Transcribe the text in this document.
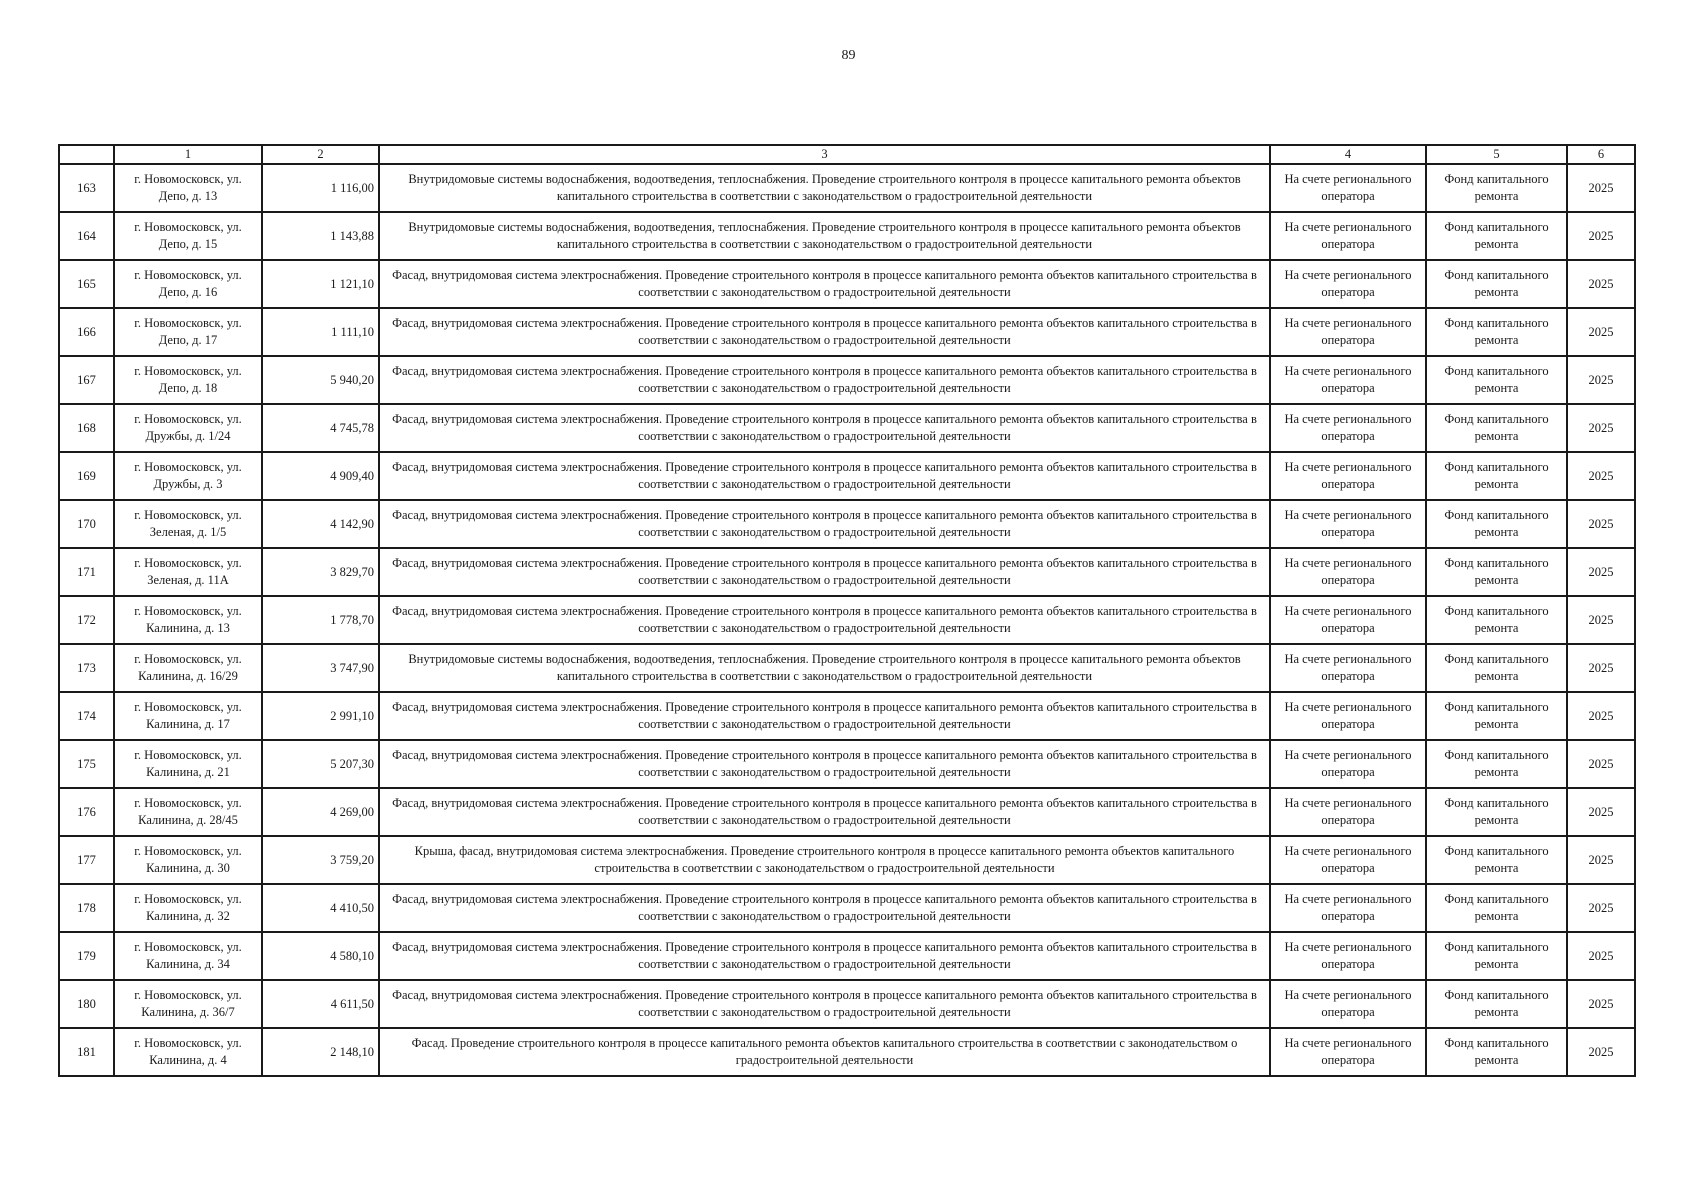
89
	1	2	3	4	5	6
163	г. Новомосковск, ул. Депо, д. 13	1 116,00	Внутридомовые системы водоснабжения, водоотведения, теплоснабжения. Проведение строительного контроля в процессе капитального ремонта объектов капитального строительства в соответствии с законодательством о градостроительной деятельности	На счете регионального оператора	Фонд капитального ремонта	2025
164	г. Новомосковск, ул. Депо, д. 15	1 143,88	Внутридомовые системы водоснабжения, водоотведения, теплоснабжения. Проведение строительного контроля в процессе капитального ремонта объектов капитального строительства в соответствии с законодательством о градостроительной деятельности	На счете регионального оператора	Фонд капитального ремонта	2025
165	г. Новомосковск, ул. Депо, д. 16	1 121,10	Фасад, внутридомовая система электроснабжения. Проведение строительного контроля в процессе капитального ремонта объектов капитального строительства в соответствии с законодательством о градостроительной деятельности	На счете регионального оператора	Фонд капитального ремонта	2025
166	г. Новомосковск, ул. Депо, д. 17	1 111,10	Фасад, внутридомовая система электроснабжения. Проведение строительного контроля в процессе капитального ремонта объектов капитального строительства в соответствии с законодательством о градостроительной деятельности	На счете регионального оператора	Фонд капитального ремонта	2025
167	г. Новомосковск, ул. Депо, д. 18	5 940,20	Фасад, внутридомовая система электроснабжения. Проведение строительного контроля в процессе капитального ремонта объектов капитального строительства в соответствии с законодательством о градостроительной деятельности	На счете регионального оператора	Фонд капитального ремонта	2025
168	г. Новомосковск, ул. Дружбы, д. 1/24	4 745,78	Фасад, внутридомовая система электроснабжения. Проведение строительного контроля в процессе капитального ремонта объектов капитального строительства в соответствии с законодательством о градостроительной деятельности	На счете регионального оператора	Фонд капитального ремонта	2025
169	г. Новомосковск, ул. Дружбы, д. 3	4 909,40	Фасад, внутридомовая система электроснабжения. Проведение строительного контроля в процессе капитального ремонта объектов капитального строительства в соответствии с законодательством о градостроительной деятельности	На счете регионального оператора	Фонд капитального ремонта	2025
170	г. Новомосковск, ул. Зеленая, д. 1/5	4 142,90	Фасад, внутридомовая система электроснабжения. Проведение строительного контроля в процессе капитального ремонта объектов капитального строительства в соответствии с законодательством о градостроительной деятельности	На счете регионального оператора	Фонд капитального ремонта	2025
171	г. Новомосковск, ул. Зеленая, д. 11А	3 829,70	Фасад, внутридомовая система электроснабжения. Проведение строительного контроля в процессе капитального ремонта объектов капитального строительства в соответствии с законодательством о градостроительной деятельности	На счете регионального оператора	Фонд капитального ремонта	2025
172	г. Новомосковск, ул. Калинина, д. 13	1 778,70	Фасад, внутридомовая система электроснабжения. Проведение строительного контроля в процессе капитального ремонта объектов капитального строительства в соответствии с законодательством о градостроительной деятельности	На счете регионального оператора	Фонд капитального ремонта	2025
173	г. Новомосковск, ул. Калинина, д. 16/29	3 747,90	Внутридомовые системы водоснабжения, водоотведения, теплоснабжения. Проведение строительного контроля в процессе капитального ремонта объектов капитального строительства в соответствии с законодательством о градостроительной деятельности	На счете регионального оператора	Фонд капитального ремонта	2025
174	г. Новомосковск, ул. Калинина, д. 17	2 991,10	Фасад, внутридомовая система электроснабжения. Проведение строительного контроля в процессе капитального ремонта объектов капитального строительства в соответствии с законодательством о градостроительной деятельности	На счете регионального оператора	Фонд капитального ремонта	2025
175	г. Новомосковск, ул. Калинина, д. 21	5 207,30	Фасад, внутридомовая система электроснабжения. Проведение строительного контроля в процессе капитального ремонта объектов капитального строительства в соответствии с законодательством о градостроительной деятельности	На счете регионального оператора	Фонд капитального ремонта	2025
176	г. Новомосковск, ул. Калинина, д. 28/45	4 269,00	Фасад, внутридомовая система электроснабжения. Проведение строительного контроля в процессе капитального ремонта объектов капитального строительства в соответствии с законодательством о градостроительной деятельности	На счете регионального оператора	Фонд капитального ремонта	2025
177	г. Новомосковск, ул. Калинина, д. 30	3 759,20	Крыша, фасад, внутридомовая система электроснабжения. Проведение строительного контроля в процессе капитального ремонта объектов капитального строительства в соответствии с законодательством о градостроительной деятельности	На счете регионального оператора	Фонд капитального ремонта	2025
178	г. Новомосковск, ул. Калинина, д. 32	4 410,50	Фасад, внутридомовая система электроснабжения. Проведение строительного контроля в процессе капитального ремонта объектов капитального строительства в соответствии с законодательством о градостроительной деятельности	На счете регионального оператора	Фонд капитального ремонта	2025
179	г. Новомосковск, ул. Калинина, д. 34	4 580,10	Фасад, внутридомовая система электроснабжения. Проведение строительного контроля в процессе капитального ремонта объектов капитального строительства в соответствии с законодательством о градостроительной деятельности	На счете регионального оператора	Фонд капитального ремонта	2025
180	г. Новомосковск, ул. Калинина, д. 36/7	4 611,50	Фасад, внутридомовая система электроснабжения. Проведение строительного контроля в процессе капитального ремонта объектов капитального строительства в соответствии с законодательством о градостроительной деятельности	На счете регионального оператора	Фонд капитального ремонта	2025
181	г. Новомосковск, ул. Калинина, д. 4	2 148,10	Фасад. Проведение строительного контроля в процессе капитального ремонта объектов капитального строительства в соответствии с законодательством о градостроительной деятельности	На счете регионального оператора	Фонд капитального ремонта	2025
